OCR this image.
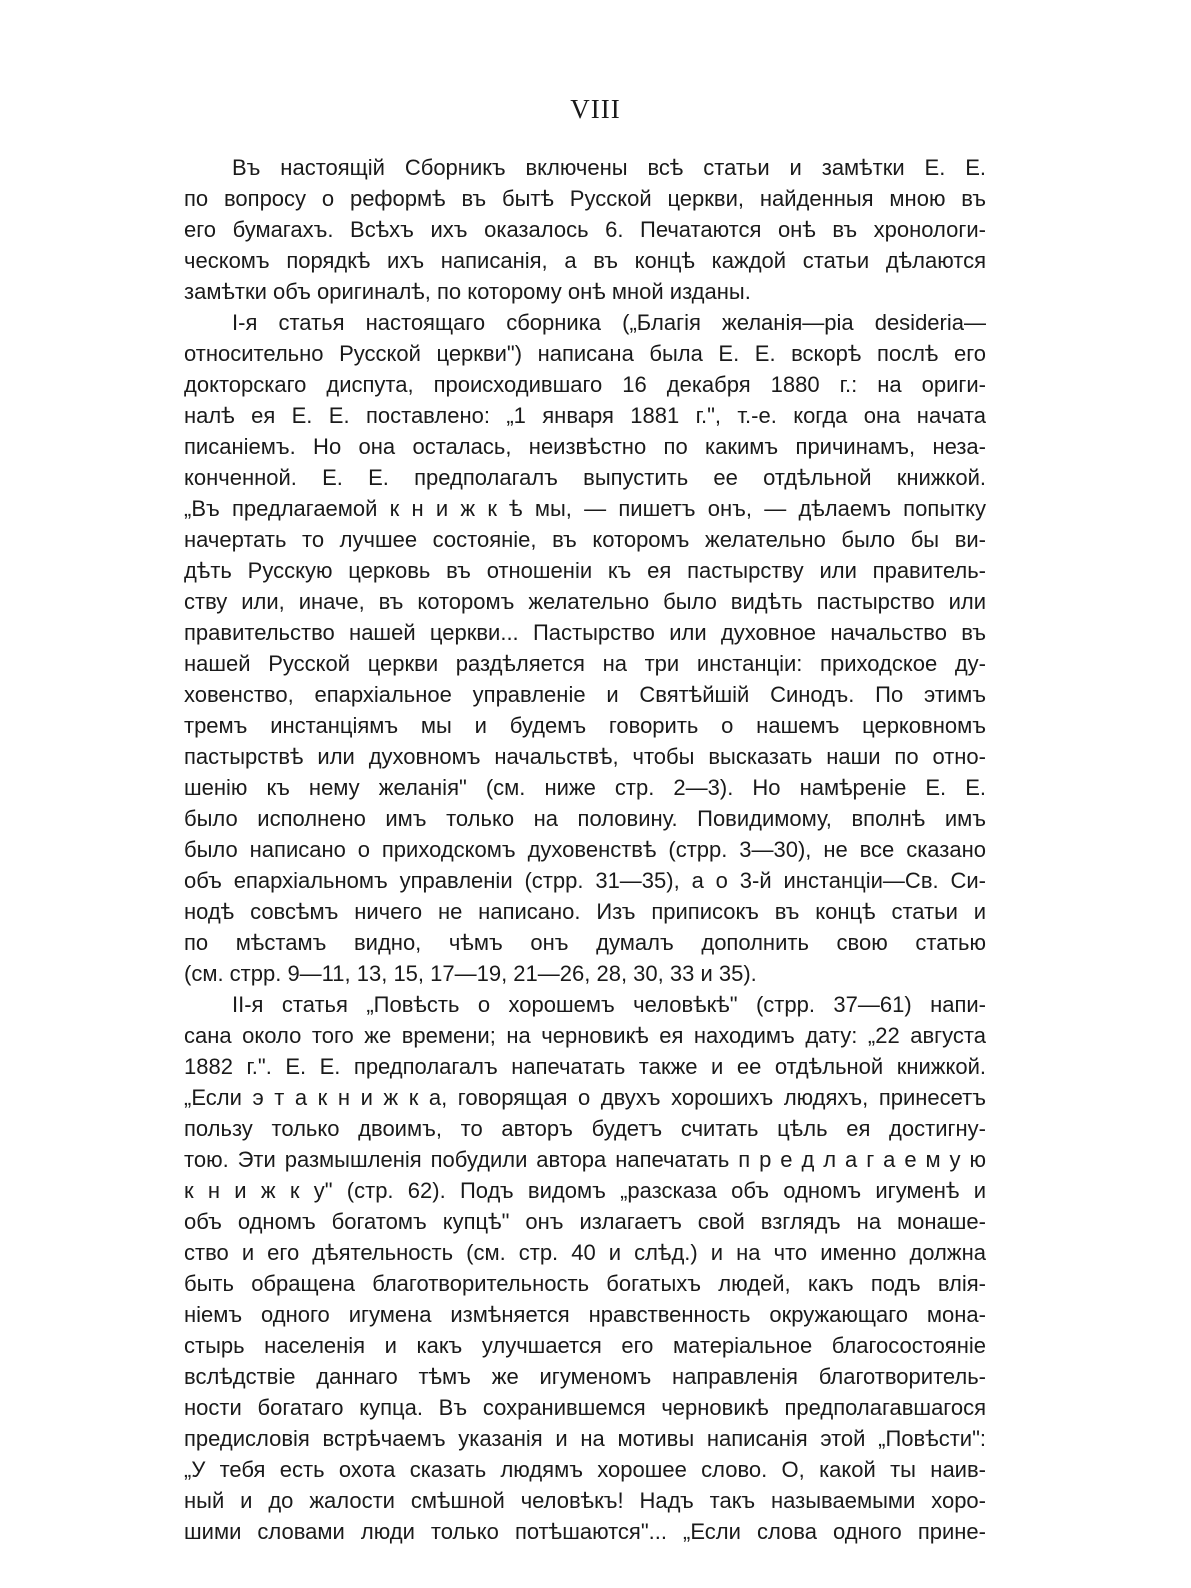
VIII
Въ настоящій Сборникъ включены всѣ статьи и замѣтки Е. Е.
по вопросу о реформѣ въ бытѣ Русской церкви, найденныя мною въ
его бумагахъ. Всѣхъ ихъ оказалось 6. Печатаются онѣ въ хронологи-
ческомъ порядкѣ ихъ написанія, а въ концѣ каждой статьи дѣлаются
замѣтки объ оригиналѣ, по которому онѣ мной изданы.
I-я статья настоящаго сборника („Благія желанія—pia desideria—
относительно Русской церкви") написана была Е. Е. вскорѣ послѣ его
докторскаго диспута, происходившаго 16 декабря 1880 г.: на ориги-
налѣ ея Е. Е. поставлено: „1 января 1881 г.", т.-е. когда она начата
писаніемъ. Но она осталась, неизвѣстно по какимъ причинамъ, неза-
конченной. Е. Е. предполагалъ выпустить ее отдѣльной книжкой.
„Въ предлагаемой к н и ж к ѣ мы, — пишетъ онъ, — дѣлаемъ попытку
начертать то лучшее состояніе, въ которомъ желательно было бы ви-
дѣть Русскую церковь въ отношеніи къ ея пастырству или правитель-
ству или, иначе, въ которомъ желательно было видѣть пастырство или
правительство нашей церкви... Пастырство или духовное начальство въ
нашей Русской церкви раздѣляется на три инстанціи: приходское ду-
ховенство, епархіальное управленіе и Святѣйшій Синодъ. По этимъ
тремъ инстанціямъ мы и будемъ говорить о нашемъ церковномъ
пастырствѣ или духовномъ начальствѣ, чтобы высказать наши по отно-
шенію къ нему желанія" (см. ниже стр. 2—3). Но намѣреніе Е. Е.
было исполнено имъ только на половину. Повидимому, вполнѣ имъ
было написано о приходскомъ духовенствѣ (стрр. 3—30), не все сказано
объ епархіальномъ управленіи (стрр. 31—35), а о 3-й инстанціи—Св. Си-
нодѣ совсѣмъ ничего не написано. Изъ приписокъ въ концѣ статьи и
по мѣстамъ видно, чѣмъ онъ думалъ дополнить свою статью
(см. стрр. 9—11, 13, 15, 17—19, 21—26, 28, 30, 33 и 35).
II-я статья „Повѣсть о хорошемъ человѣкѣ" (стрр. 37—61) напи-
сана около того же времени; на черновикѣ ея находимъ дату: „22 августа
1882 г.". Е. Е. предполагалъ напечатать также и ее отдѣльной книжкой.
„Если э т а к н и ж к а, говорящая о двухъ хорошихъ людяхъ, принесетъ
пользу только двоимъ, то авторъ будетъ считать цѣль ея достигну-
тою. Эти размышленія побудили автора напечатать п р е д л а г а е м у ю
к н и ж к у" (стр. 62). Подъ видомъ „разсказа объ одномъ игуменѣ и
объ одномъ богатомъ купцѣ" онъ излагаетъ свой взглядъ на монаше-
ство и его дѣятельность (см. стр. 40 и слѣд.) и на что именно должна
быть обращена благотворительность богатыхъ людей, какъ подъ влія-
ніемъ одного игумена измѣняется нравственность окружающаго мона-
стырь населенія и какъ улучшается его матеріальное благосостояніе
вслѣдствіе даннаго тѣмъ же игуменомъ направленія благотворитель-
ности богатаго купца. Въ сохранившемся черновикѣ предполагавшагося
предисловія встрѣчаемъ указанія и на мотивы написанія этой „Повѣсти":
„У тебя есть охота сказать людямъ хорошее слово. О, какой ты наив-
ный и до жалости смѣшной человѣкъ! Надъ такъ называемыми хоро-
шими словами люди только потѣшаются"... „Если слова одного прине-
